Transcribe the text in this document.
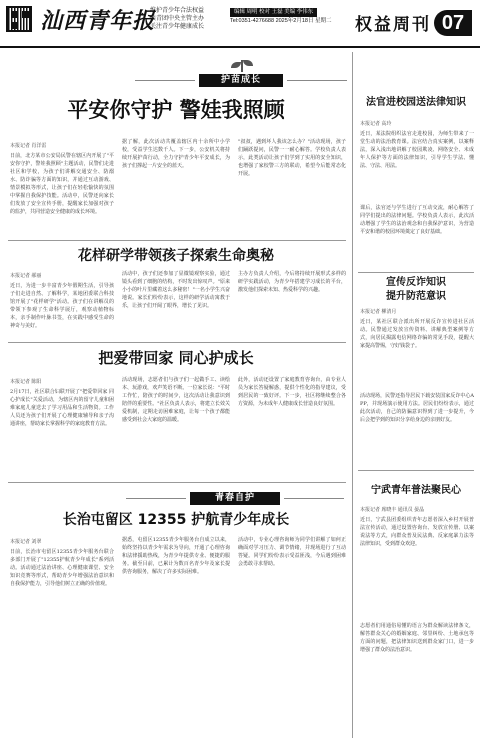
汕西青年报
维护青少年合法权益
共青团中央主管主办
关注青少年健康成长
编辑 周明 校对 王磊 美编 李伟东
Tel:0351-4276688 2025年2月18日 星期二 权益周刊 07
护苗成长
平安你守护 警娃我照顾
本报记者 肖洋雷
日前，北方某市公安局民警在辖区内开展了"平安你守护，警娃我照顾"主题活动，民警们走进社区和学校，为孩子们讲解交通安全、防溺水、防诈骗等方面的知识，并通过互动游戏、情景模拟等形式，让孩子们在轻松愉快的氛围中掌握自我保护技能。活动中，民警还向家长们发放了安全宣传手册，提醒家长加强对孩子的监护，共同营造安全健康的成长环境。
据了解，此次活动共覆盖辖区内十余所中小学校，受益学生达数千人。下一步，公安机关将持续开展护苗行动，全力守护青少年平安成长，为孩子们撑起一片安全的蓝天。
"叔叔，遇到坏人我该怎么办？"活动现场，孩子们踊跃提问，民警一一耐心解答。学校负责人表示，此类活动让孩子们学到了实用的安全知识，也增强了家校警三方的联动，希望今后能常态化开展。
花样研学带领孩子探索生命奥秘
本报记者 郝丽
近日，为进一步丰富青少年假期生活，引导孩子们走进自然、了解科学，某地团委联合科技馆开展了"花样研学"活动。孩子们在讲解员的带领下参观了生命科学展厅，观察动植物标本，亲手制作叶脉书签，在实践中感受生命的神奇与美好。
活动中，孩子们还参加了显微镜观察实验，通过镜头看到了细胞的结构，不时发出惊叹声。"原来小小的叶片里藏着这么多秘密！"一名小学生兴奋地说。家长们纷纷表示，这样的研学活动寓教于乐，让孩子们开阔了眼界，增长了见识。
主办方负责人介绍，今后将持续开展形式多样的研学实践活动，为青少年搭建学习成长的平台，激发他们探索未知、热爱科学的兴趣。
把爱带回家 同心护成长
本报记者 陈阳
2月17日，社区联合妇联开展了"把爱带回家 同心护成长"关爱活动，为辖区内的留守儿童和困难家庭儿童送去了学习用品和生活物资。工作人员还为孩子们开展了心理健康辅导和亲子沟通讲座，帮助家长掌握科学的家庭教育方法。
活动现场，志愿者们与孩子们一起做手工、读绘本、玩游戏，欢声笑语不断。一位家长说："平时工作忙，陪孩子的时间少，这次活动让我意识到陪伴的重要性。"社区负责人表示，将建立长效关爱机制，定期走访困难家庭，让每一个孩子都能感受到社会大家庭的温暖。
此外，活动还设置了家庭教育咨询台，由专业人员为家长答疑解惑，提供个性化的指导建议，受到居民的一致好评。下一步，社区将继续整合各方资源，为未成年人健康成长营造良好氛围。
青春自护
长治屯留区 12355 护航青少年成长
本报记者 刘翠
日前，长治市屯留区12355青少年服务台联合多部门开展了"12355护航青少年成长"系列活动。活动通过法治讲座、心理健康课堂、安全知识竞赛等形式，帮助青少年增强法治意识和自我保护能力，引导他们树立正确的价值观。
据悉，屯留区12355青少年服务台自成立以来，始终坚持以青少年需求为导向，开通了心理咨询和法律援助热线，为青少年提供专业、便捷的服务。截至目前，已累计为数百名青少年及家长提供咨询服务，解决了许多实际困难。
活动中，专业心理咨询师为同学们讲解了如何正确面对学习压力、调节情绪，并现场进行了互动答疑。同学们纷纷表示受益匪浅，今后遇到困难会勇敢寻求帮助。
法官进校园送法律知识
本报记者 高玲
近日，某法院组织法官走进校园，为师生带来了一堂生动的法治教育课。法官结合真实案例，以案释法，深入浅出地讲解了校园欺凌、网络安全、未成年人保护等方面的法律知识，引导学生学法、懂法、守法、用法。
课后，法官还与学生进行了互动交流，耐心解答了同学们提出的法律问题。学校负责人表示，此次活动增强了学生的法治观念和自我保护意识，为营造平安和谐的校园环境奠定了良好基础。
宣传反诈知识
提升防范意识
本报记者 柳清月
近日，某社区联合派出所开展反诈宣传进社区活动。民警通过发放宣传资料、讲解典型案例等方式，向居民揭露电信网络诈骗的常见手段，提醒大家提高警惕，守好钱袋子。
活动现场，民警还指导居民下载安装国家反诈中心APP，并现场演示使用方法。居民们纷纷表示，通过此次活动，自己的防骗意识得到了进一步提升，今后会把学到的知识分享给身边的亲朋好友。
宁武青年普法聚民心
本报记者 席晓丰 通讯员 晏晶
近日，宁武县团委组织青年志愿者深入乡村开展普法宣传活动，通过设置咨询台、发放宣传册、以案说法等方式，向群众普及民法典、反家庭暴力法等法律知识，受到群众欢迎。
志愿者们用通俗易懂的语言为群众解读法律条文，解答群众关心的婚姻家庭、邻里纠纷、土地承包等方面的问题，把法律知识送到群众家门口，进一步增强了群众的法治意识。
